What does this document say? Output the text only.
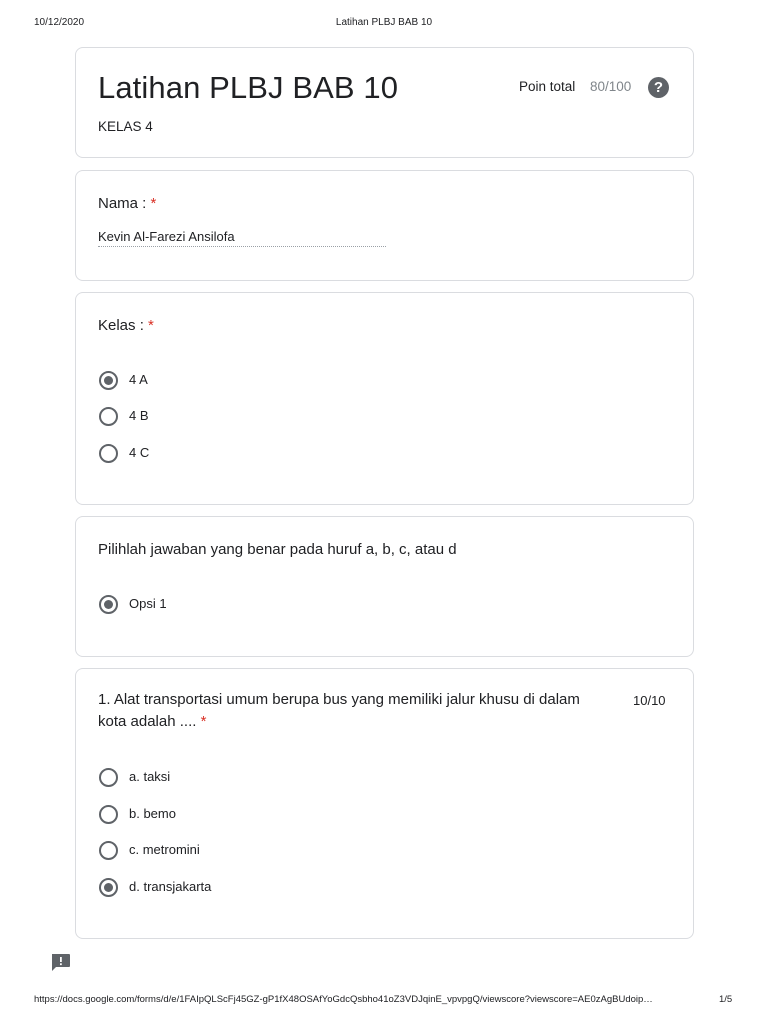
10/12/2020	Latihan PLBJ BAB 10
Latihan PLBJ BAB 10
KELAS 4
Poin total 80/100	?
Nama : *
Kevin Al-Farezi Ansilofa
Kelas : *
4 A
4 B
4 C
Pilihlah jawaban yang benar pada huruf a, b, c, atau d
Opsi 1
1. Alat transportasi umum berupa bus yang memiliki jalur khusu di dalam
kota adalah .... *
10/10
a. taksi
b. bemo
c. metromini
d. transjakarta
https://docs.google.com/forms/d/e/1FAIpQLScFj45GZ-gP1fX48OSAfYoGdcQsbho41oZ3VDJqinE_vpvpgQ/viewscore?viewscore=AE0zAgBUdoip…	1/5
